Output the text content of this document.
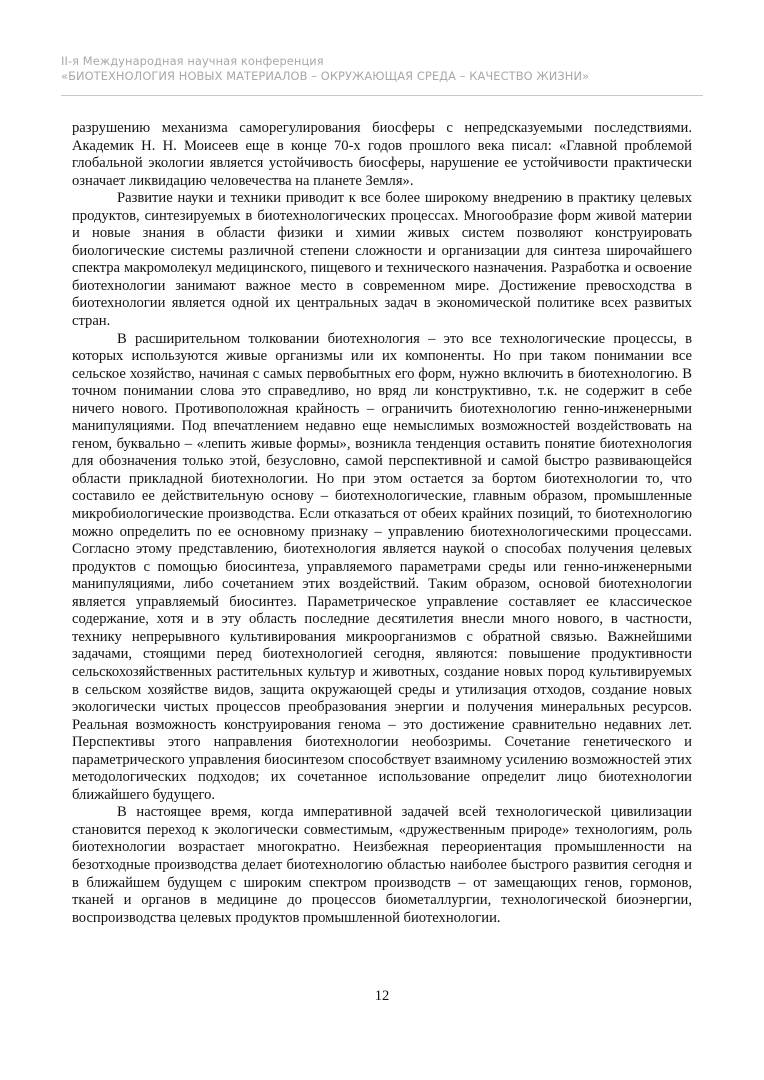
II-я Международная научная конференция
«БИОТЕХНОЛОГИЯ НОВЫХ МАТЕРИАЛОВ – ОКРУЖАЮЩАЯ СРЕДА – КАЧЕСТВО ЖИЗНИ»

разрушению механизма саморегулирования биосферы с непредсказуемыми последствиями. Академик Н. Н. Моисеев еще в конце 70-х годов прошлого века писал: «Главной проблемой глобальной экологии является устойчивость биосферы, нарушение ее устойчивости практически означает ликвидацию человечества на планете Земля».

Развитие науки и техники приводит к все более широкому внедрению в практику целевых продуктов, синтезируемых в биотехнологических процессах. Многообразие форм живой материи и новые знания в области физики и химии живых систем позволяют конструировать биологические системы различной степени сложности и организации для синтеза широчайшего спектра макромолекул медицинского, пищевого и технического назначения. Разработка и освоение биотехнологии занимают важное место в современном мире. Достижение превосходства в биотехнологии является одной их центральных задач в экономической политике всех развитых стран.

В расширительном толковании биотехнология – это все технологические процессы, в которых используются живые организмы или их компоненты. Но при таком понимании все сельское хозяйство, начиная с самых первобытных его форм, нужно включить в биотехнологию. В точном понимании слова это справедливо, но вряд ли конструктивно, т.к. не содержит в себе ничего нового. Противоположная крайность – ограничить биотехнологию генно-инженерными манипуляциями. Под впечатлением недавно еще немыслимых возможностей воздействовать на геном, буквально – «лепить живые формы», возникла тенденция оставить понятие биотехнология для обозначения только этой, безусловно, самой перспективной и самой быстро развивающейся области прикладной биотехнологии. Но при этом остается за бортом биотехнологии то, что составило ее действительную основу – биотехнологические, главным образом, промышленные микробиологические производства. Если отказаться от обеих крайних позиций, то биотехнологию можно определить по ее основному признаку – управлению биотехнологическими процессами. Согласно этому представлению, биотехнология является наукой о способах получения целевых продуктов с помощью биосинтеза, управляемого параметрами среды или генно-инженерными манипуляциями, либо сочетанием этих воздействий. Таким образом, основой биотехнологии является управляемый биосинтез. Параметрическое управление составляет ее классическое содержание, хотя и в эту область последние десятилетия внесли много нового, в частности, технику непрерывного культивирования микроорганизмов с обратной связью. Важнейшими задачами, стоящими перед биотехнологией сегодня, являются: повышение продуктивности сельскохозяйственных растительных культур и животных, создание новых пород культивируемых в сельском хозяйстве видов, защита окружающей среды и утилизация отходов, создание новых экологически чистых процессов преобразования энергии и получения минеральных ресурсов. Реальная возможность конструирования генома – это достижение сравнительно недавних лет. Перспективы этого направления биотехнологии необозримы. Сочетание генетического и параметрического управления биосинтезом способствует взаимному усилению возможностей этих методологических подходов; их сочетанное использование определит лицо биотехнологии ближайшего будущего.

В настоящее время, когда императивной задачей всей технологической цивилизации становится переход к экологически совместимым, «дружественным природе» технологиям, роль биотехнологии возрастает многократно. Неизбежная переориентация промышленности на безотходные производства делает биотехнологию областью наиболее быстрого развития сегодня и в ближайшем будущем с широким спектром производств – от замещающих генов, гормонов, тканей и органов в медицине до процессов биометаллургии, технологической биоэнергии, воспроизводства целевых продуктов промышленной биотехнологии.

12
